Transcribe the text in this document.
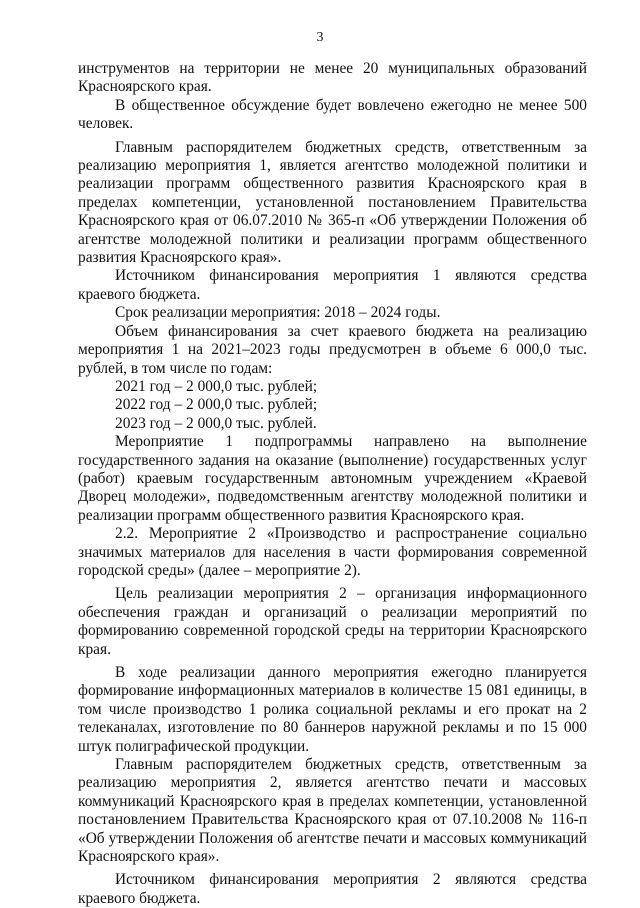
3

инструментов на территории не менее 20 муниципальных образований Красноярского края.

В общественное обсуждение будет вовлечено ежегодно не менее 500 человек.

Главным распорядителем бюджетных средств, ответственным за реализацию мероприятия 1, является агентство молодежной политики и реализации программ общественного развития Красноярского края в пределах компетенции, установленной постановлением Правительства Красноярского края от 06.07.2010 № 365-п «Об утверждении Положения об агентстве молодежной политики и реализации программ общественного развития Красноярского края».

Источником финансирования мероприятия 1 являются средства краевого бюджета.

Срок реализации мероприятия: 2018 – 2024 годы.

Объем финансирования за счет краевого бюджета на реализацию мероприятия 1 на 2021–2023 годы предусмотрен в объеме 6 000,0 тыс. рублей, в том числе по годам:

2021 год – 2 000,0 тыс. рублей;

2022 год – 2 000,0 тыс. рублей;

2023 год – 2 000,0 тыс. рублей.

Мероприятие 1 подпрограммы направлено на выполнение государственного задания на оказание (выполнение) государственных услуг (работ) краевым государственным автономным учреждением «Краевой Дворец молодежи», подведомственным агентству молодежной политики и реализации программ общественного развития Красноярского края.

2.2. Мероприятие 2 «Производство и распространение социально значимых материалов для населения в части формирования современной городской среды» (далее – мероприятие 2).

Цель реализации мероприятия 2 – организация информационного обеспечения граждан и организаций о реализации мероприятий по формированию современной городской среды на территории Красноярского края.

В ходе реализации данного мероприятия ежегодно планируется формирование информационных материалов в количестве 15 081 единицы, в том числе производство 1 ролика социальной рекламы и его прокат на 2 телеканалах, изготовление по 80 баннеров наружной рекламы и по 15 000 штук полиграфической продукции.

Главным распорядителем бюджетных средств, ответственным за реализацию мероприятия 2, является агентство печати и массовых коммуникаций Красноярского края в пределах компетенции, установленной постановлением Правительства Красноярского края от 07.10.2008 № 116-п «Об утверждении Положения об агентстве печати и массовых коммуникаций Красноярского края».

Источником финансирования мероприятия 2 являются средства краевого бюджета.
